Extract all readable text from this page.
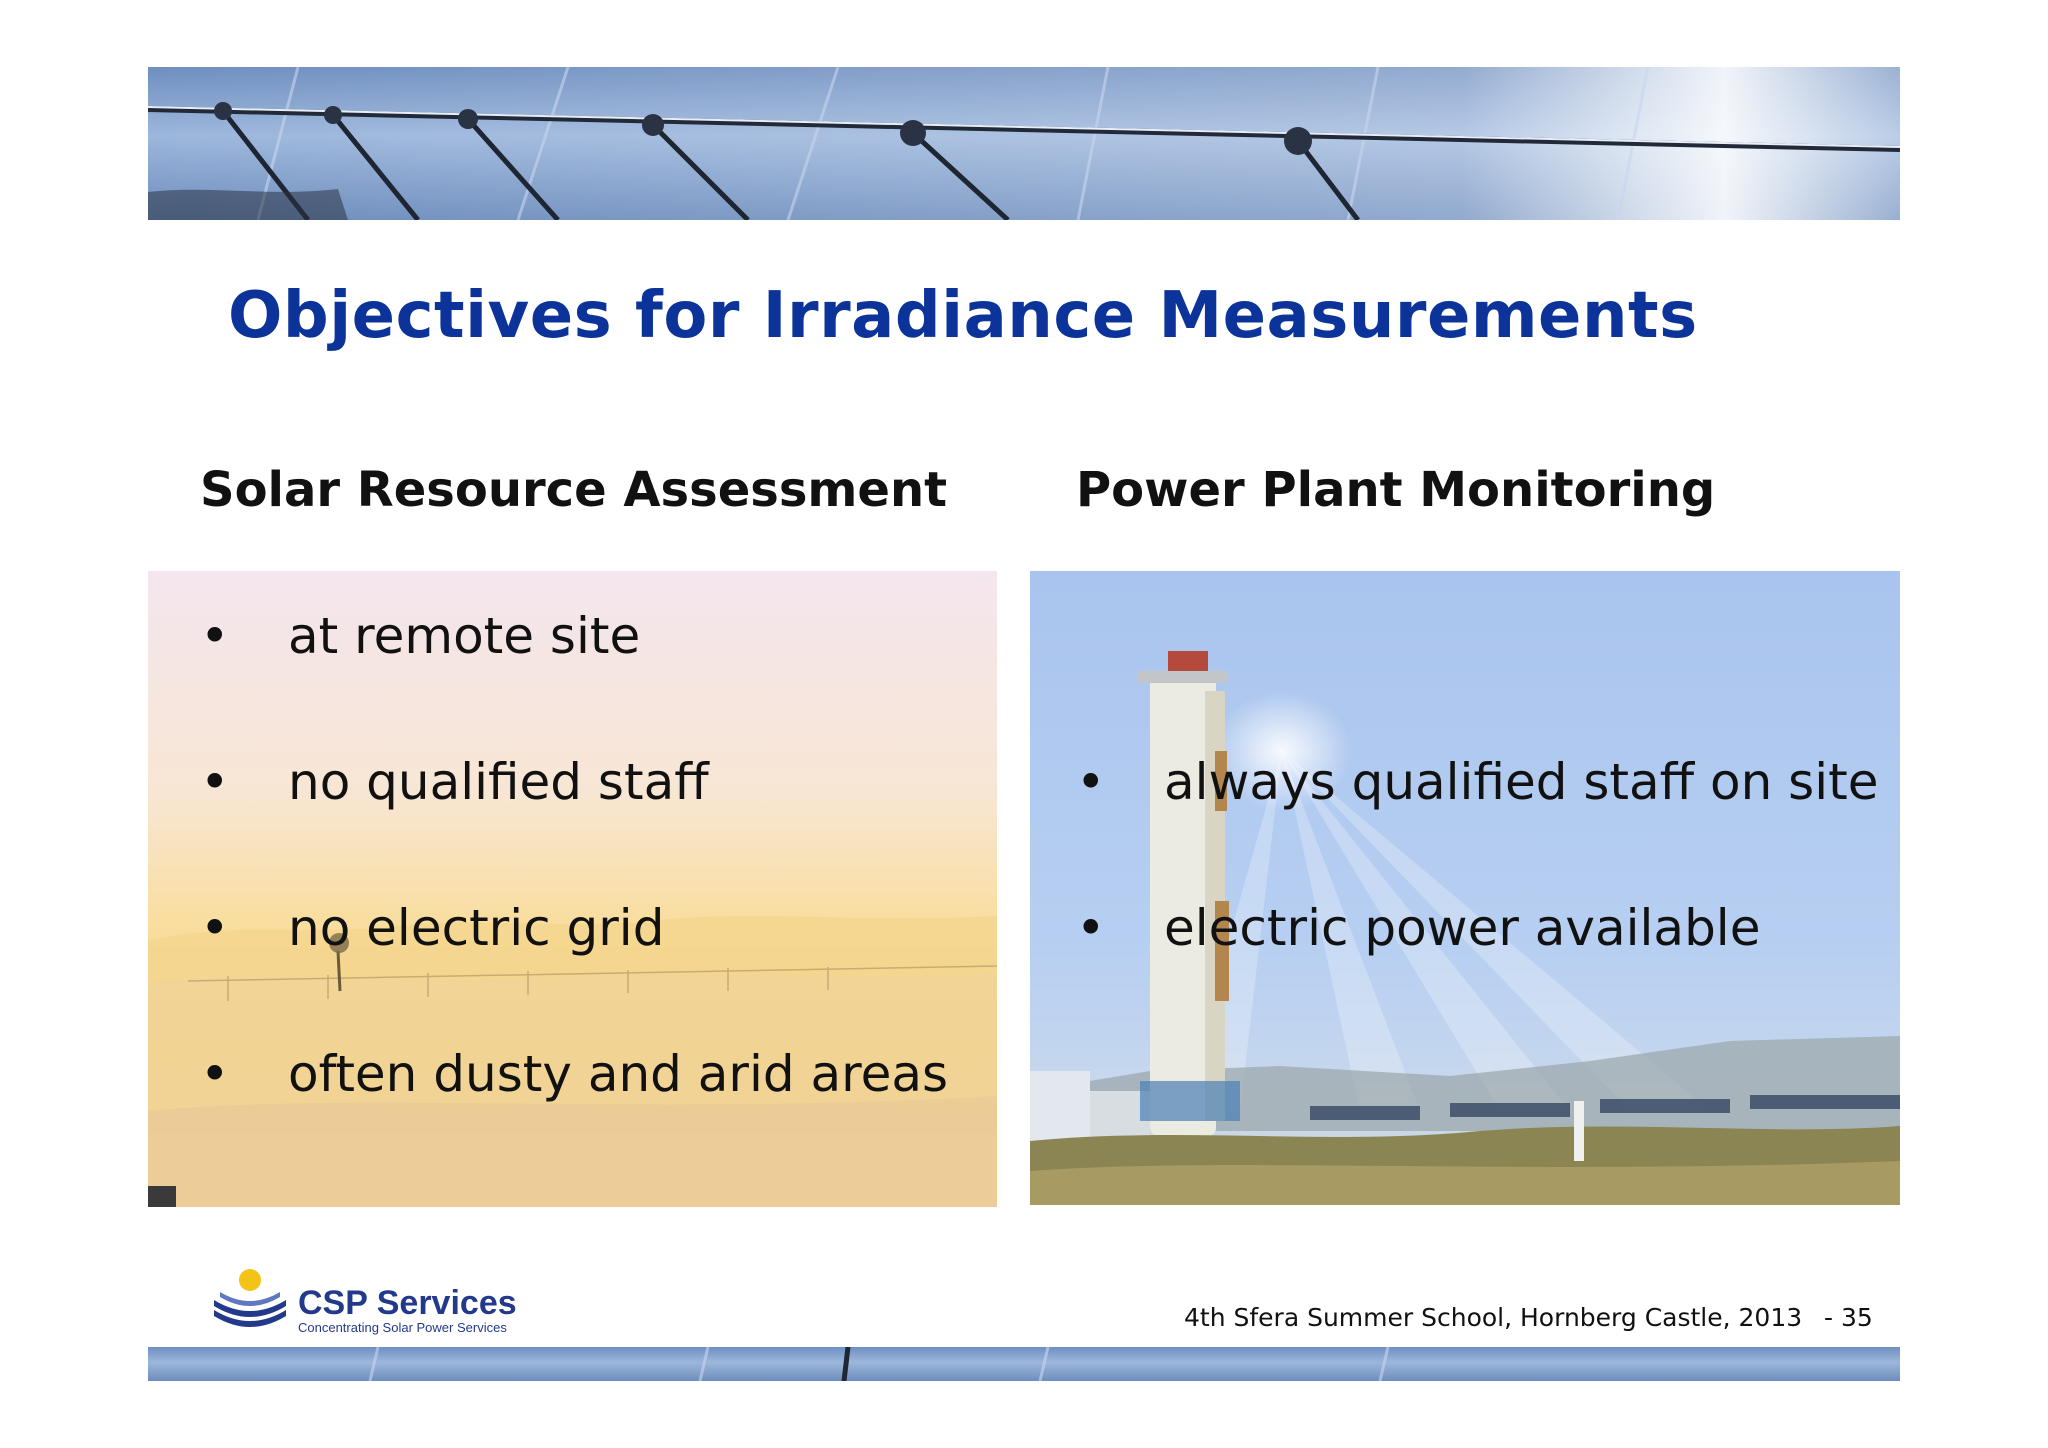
Objectives for Irradiance Measurements
Solar Resource Assessment	Power Plant Monitoring
• at remote site
• no qualified staff
• no electric grid
• often dusty and arid areas
• always qualified staff on site
• electric power available
CSP Services
Concentrating Solar Power Services	4th Sfera Summer School, Hornberg Castle, 2013 - 35
